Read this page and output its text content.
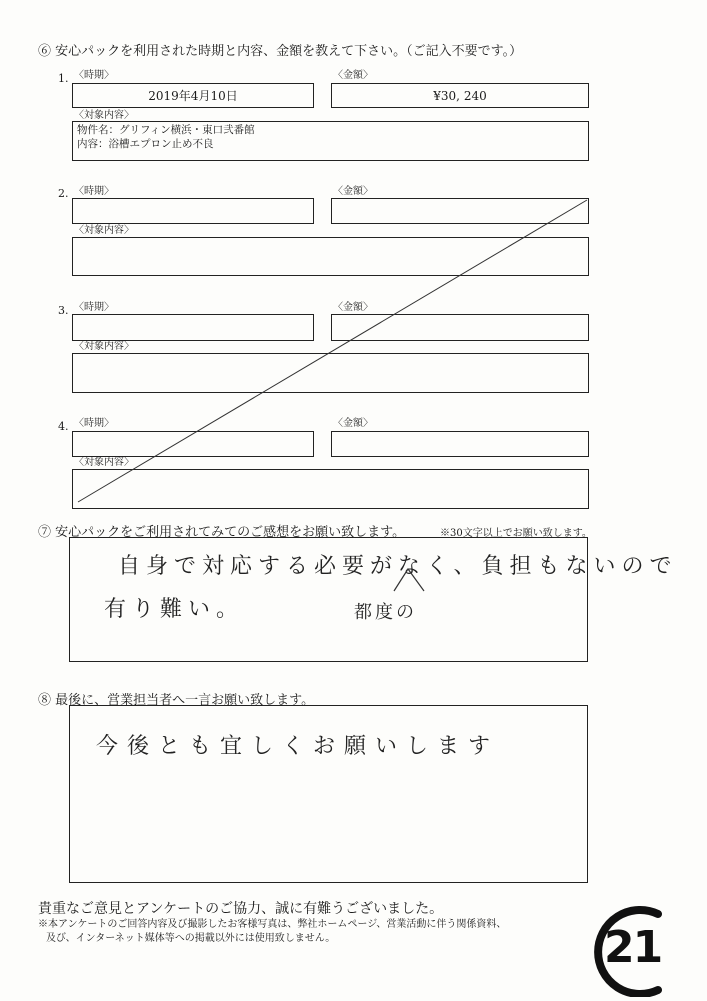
⑥ 安心パックを利用された時期と内容、金額を教えて下さい。（ご記入不要です。）
1. 〈時期〉
2019年4月10日
〈金額〉
¥30, 240
〈対象内容〉
物件名：グリフィン横浜・東口弐番館
内容：浴槽エプロン止め不良
2. 〈時期〉	〈金額〉
〈対象内容〉
3. 〈時期〉	〈金額〉
〈対象内容〉
4. 〈時期〉	〈金額〉
〈対象内容〉
⑦ 安心パックをご利用されてみてのご感想をお願い致します。	※30文字以上でお願い致します。
自身で対応する必要がなく、負担もないので
有り難い。	都度の
⑧ 最後に、営業担当者へ一言お願い致します。
今後とも宜しくお願いします
貴重なご意見とアンケートのご協力、誠に有難うございました。
※本アンケートのご回答内容及び撮影したお客様写真は、弊社ホームページ、営業活動に伴う関係資料、
及び、インターネット媒体等への掲載以外には使用致しません。	21
